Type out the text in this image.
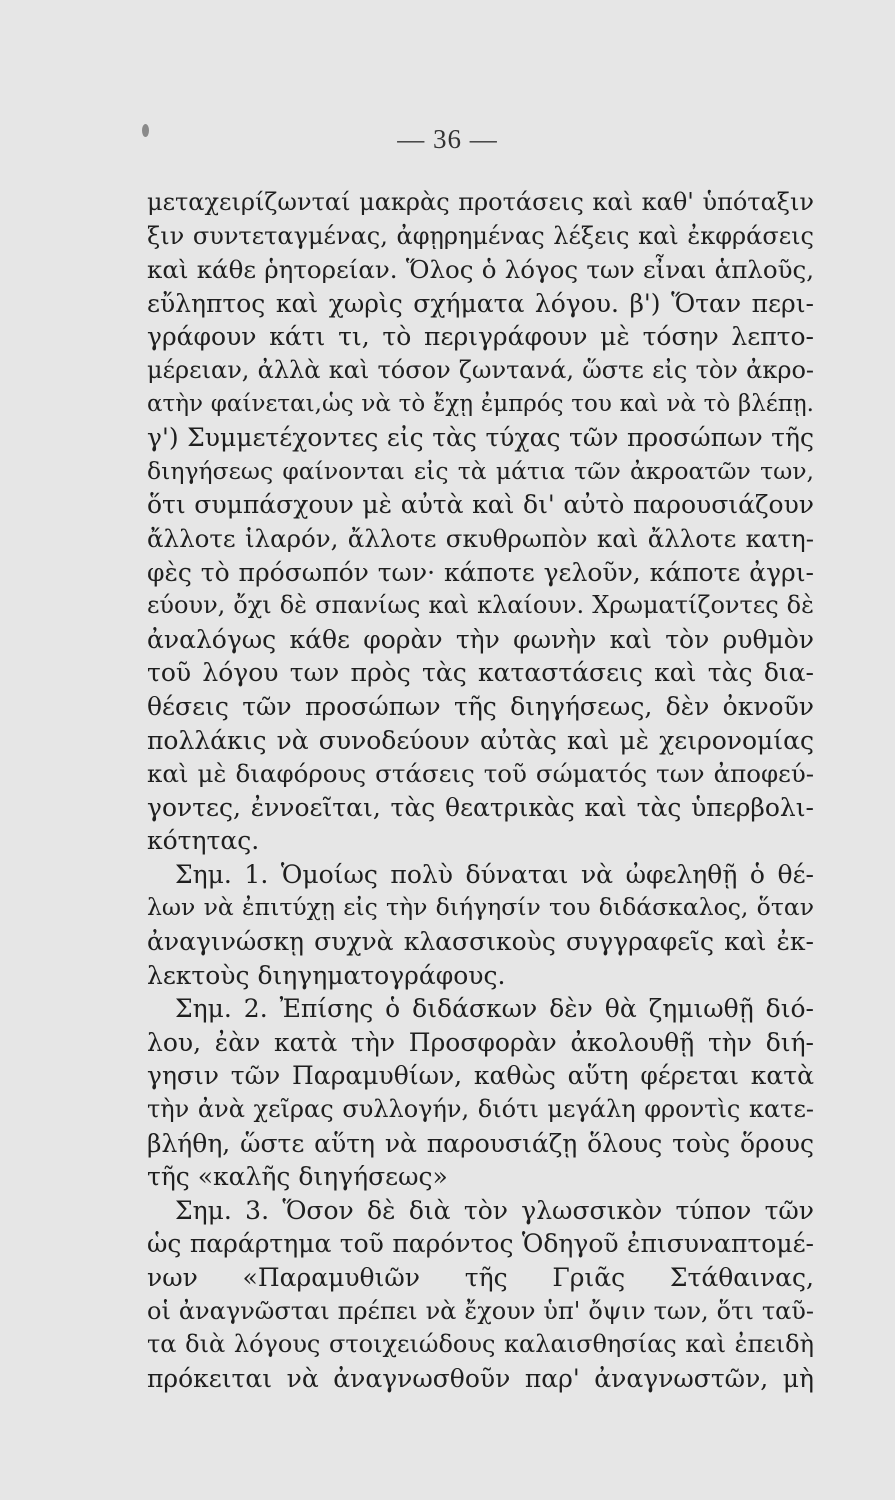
— 36 —
μεταχειρίζωνταί μακρὰς προτάσεις καὶ καθ' ὑπόταξιν
ξιν συντεταγμένας, ἀφῃρημένας λέξεις καὶ ἐκφράσεις
καὶ κάθε ῥητορείαν. Ὅλος ὁ λόγος των εἶναι ἁπλοῦς,
εὔληπτος καὶ χωρὶς σχήματα λόγου. β') Ὅταν περι-
γράφουν κάτι τι, τὸ περιγράφουν μὲ τόσην λεπτο-
μέρειαν, ἀλλὰ καὶ τόσον ζωντανά, ὥστε εἰς τὸν ἀκρο-
ατὴν φαίνεται,ὡς νὰ τὸ ἔχῃ ἐμπρός του καὶ νὰ τὸ βλέπῃ.
γ') Συμμετέχοντες εἰς τὰς τύχας τῶν προσώπων τῆς
διηγήσεως φαίνονται εἰς τὰ μάτια τῶν ἀκροατῶν των,
ὅτι συμπάσχουν μὲ αὐτὰ καὶ δι' αὐτὸ παρουσιάζουν
ἄλλοτε ἱλαρόν, ἄλλοτε σκυθρωπὸν καὶ ἄλλοτε κατη-
φὲς τὸ πρόσωπόν των· κάποτε γελοῦν, κάποτε ἀγρι-
εύουν, ὄχι δὲ σπανίως καὶ κλαίουν. Χρωματίζοντες δὲ
ἀναλόγως κάθε φορὰν τὴν φωνὴν καὶ τὸν ρυθμὸν
τοῦ λόγου των πρὸς τὰς καταστάσεις καὶ τὰς δια-
θέσεις τῶν προσώπων τῆς διηγήσεως, δὲν ὀκνοῦν
πολλάκις νὰ συνοδεύουν αὐτὰς καὶ μὲ χειρονομίας
καὶ μὲ διαφόρους στάσεις τοῦ σώματός των ἀποφεύ-
γοντες, ἐννοεῖται, τὰς θεατρικὰς καὶ τὰς ὑπερβολι-
κότητας.
Σημ. 1. Ὁμοίως πολὺ δύναται νὰ ὠφεληθῇ ὁ θέ-
λων νὰ ἐπιτύχῃ εἰς τὴν διήγησίν του διδάσκαλος, ὅταν
ἀναγινώσκῃ συχνὰ κλασσικοὺς συγγραφεῖς καὶ ἐκ-
λεκτοὺς διηγηματογράφους.
Σημ. 2. Ἐπίσης ὁ διδάσκων δὲν θὰ ζημιωθῇ διό-
λου, ἐὰν κατὰ τὴν Προσφορὰν ἀκολουθῇ τὴν διή-
γησιν τῶν Παραμυθίων, καθὼς αὕτη φέρεται κατὰ
τὴν ἀνὰ χεῖρας συλλογήν, διότι μεγάλη φροντὶς κατε-
βλήθη, ὥστε αὕτη νὰ παρουσιάζῃ ὅλους τοὺς ὅρους
τῆς «καλῆς διηγήσεως»
Σημ. 3. Ὅσον δὲ διὰ τὸν γλωσσικὸν τύπον τῶν
ὡς παράρτημα τοῦ παρόντος Ὁδηγοῦ ἐπισυναπτομέ-
νων «Παραμυθιῶν τῆς Γριᾶς Στάθαινας,
οἱ ἀναγνῶσται πρέπει νὰ ἔχουν ὑπ' ὄψιν των, ὅτι ταῦ-
τα διὰ λόγους στοιχειώδους καλαισθησίας καὶ ἐπειδὴ
πρόκειται νὰ ἀναγνωσθοῦν παρ' ἀναγνωστῶν, μὴ
